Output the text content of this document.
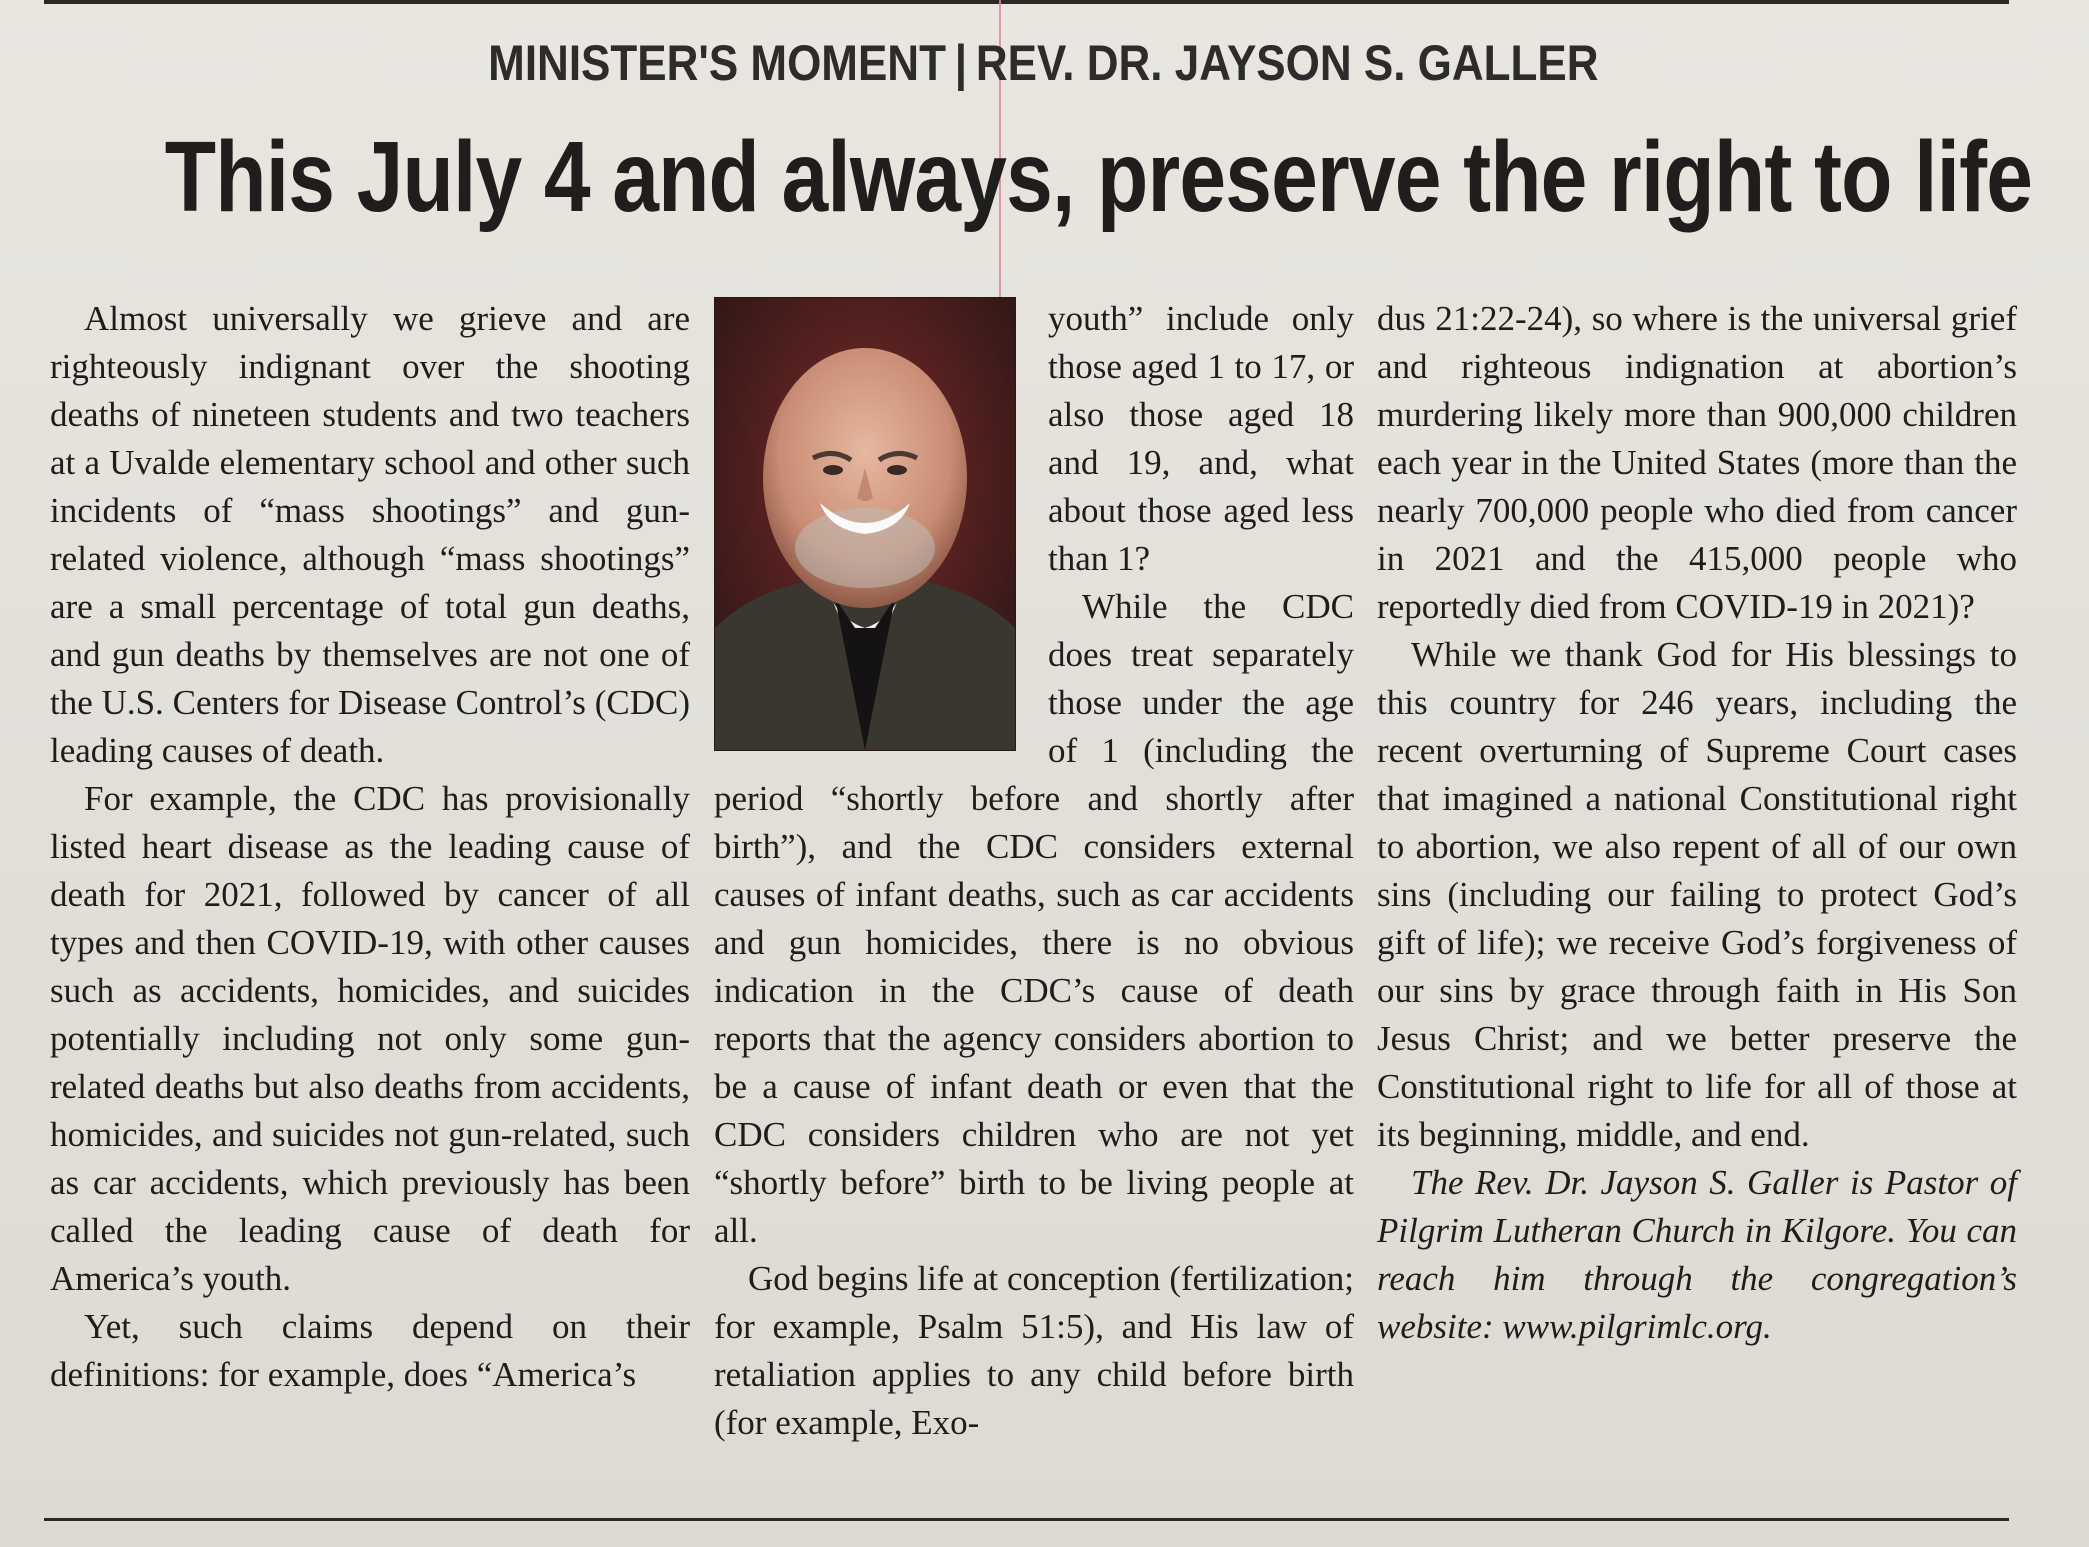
MINISTER'S MOMENT | REV. DR. JAYSON S. GALLER
This July 4 and always, preserve the right to life

Almost universally we grieve and are righteously indignant over the shooting deaths of nineteen students and two teachers at a Uvalde elementary school and other such incidents of “mass shootings” and gun-related violence, although “mass shootings” are a small percentage of total gun deaths, and gun deaths by themselves are not one of the U.S. Centers for Disease Control’s (CDC) leading causes of death.

For example, the CDC has provisionally listed heart disease as the leading cause of death for 2021, followed by cancer of all types and then COVID-19, with other causes such as accidents, homicides, and suicides potentially including not only some gun-related deaths but also deaths from accidents, homicides, and suicides not gun-related, such as car accidents, which previously has been called the leading cause of death for America’s youth.

Yet, such claims depend on their definitions: for example, does “America’s

youth” include only those aged 1 to 17, or also those aged 18 and 19, and, what about those aged less than 1?

While the CDC does treat separately those under the age of 1 (including the period “shortly before and shortly after birth”), and the CDC considers external causes of infant deaths, such as car accidents and gun homicides, there is no obvious indication in the CDC’s cause of death reports that the agency considers abortion to be a cause of infant death or even that the CDC considers children who are not yet “shortly before” birth to be living people at all.

God begins life at conception (fertilization; for example, Psalm 51:5), and His law of retaliation applies to any child before birth (for example, Exo-

dus 21:22-24), so where is the universal grief and righteous indignation at abortion’s murdering likely more than 900,000 children each year in the United States (more than the nearly 700,000 people who died from cancer in 2021 and the 415,000 people who reportedly died from COVID-19 in 2021)?

While we thank God for His blessings to this country for 246 years, including the recent overturning of Supreme Court cases that imagined a national Constitutional right to abortion, we also repent of all of our own sins (including our failing to protect God’s gift of life); we receive God’s forgiveness of our sins by grace through faith in His Son Jesus Christ; and we better preserve the Constitutional right to life for all of those at its beginning, middle, and end.

The Rev. Dr. Jayson S. Galler is Pastor of Pilgrim Lutheran Church in Kilgore. You can reach him through the congregation’s website: www.pilgrimlc.org.
